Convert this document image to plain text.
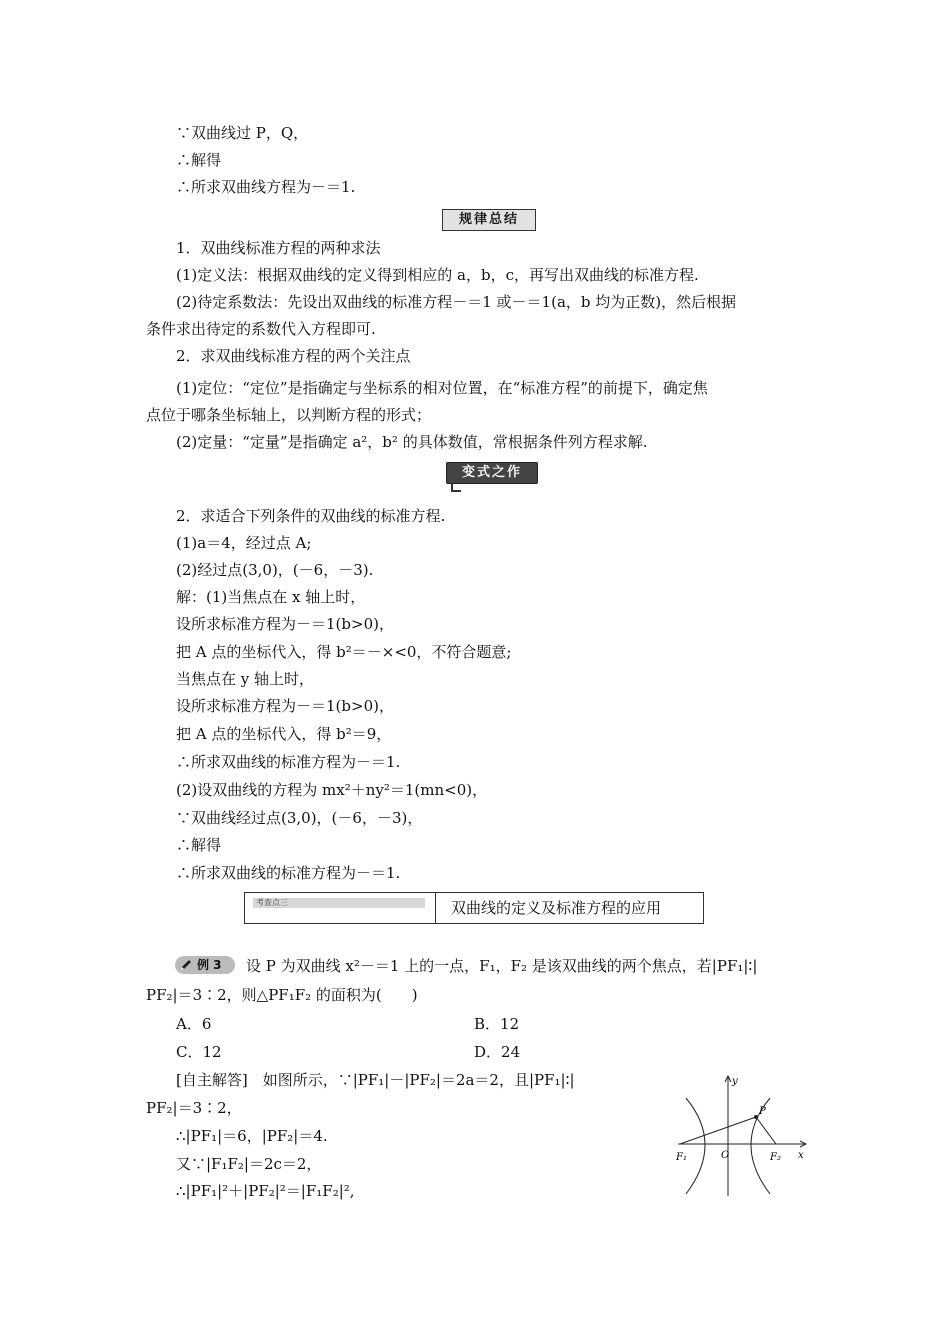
∵双曲线过 P，Q，
∴解得
∴所求双曲线方程为－＝1.
规律总结
1．双曲线标准方程的两种求法
(1)定义法：根据双曲线的定义得到相应的 a，b，c，再写出双曲线的标准方程.
(2)待定系数法：先设出双曲线的标准方程－＝1 或－＝1(a，b 均为正数)，然后根据
条件求出待定的系数代入方程即可.
2．求双曲线标准方程的两个关注点
(1)定位：“定位”是指确定与坐标系的相对位置，在“标准方程”的前提下，确定焦
点位于哪条坐标轴上，以判断方程的形式；
(2)定量：“定量”是指确定 a²，b² 的具体数值，常根据条件列方程求解.
变式之作
2．求适合下列条件的双曲线的标准方程.
(1)a＝4，经过点 A;
(2)经过点(3,0)，(－6，－3).
解：(1)当焦点在 x 轴上时，
设所求标准方程为－＝1(b>0)，
把 A 点的坐标代入，得 b²＝－×<0，不符合题意;
当焦点在 y 轴上时，
设所求标准方程为－＝1(b>0)，
把 A 点的坐标代入，得 b²＝9，
∴所求双曲线的标准方程为－＝1.
(2)设双曲线的方程为 mx²＋ny²＝1(mn<0)，
∵双曲线经过点(3,0)，(－6，－3)，
∴解得
∴所求双曲线的标准方程为－＝1.
考查点三	双曲线的定义及标准方程的应用
例 3 设 P 为双曲线 x²－＝1 上的一点，F₁，F₂ 是该双曲线的两个焦点，若|PF₁|∶|
PF₂|＝3∶2，则△PF₁F₂ 的面积为(　　)
A．6	B．12
C．12	D．24
[自主解答]　如图所示，∵|PF₁|－|PF₂|＝2a＝2，且|PF₁|∶|
PF₂|＝3∶2，
∴|PF₁|＝6，|PF₂|＝4.
又∵|F₁F₂|＝2c＝2，
∴|PF₁|²＋|PF₂|²＝|F₁F₂|²,
y
x
P
O
F₁	F₂
